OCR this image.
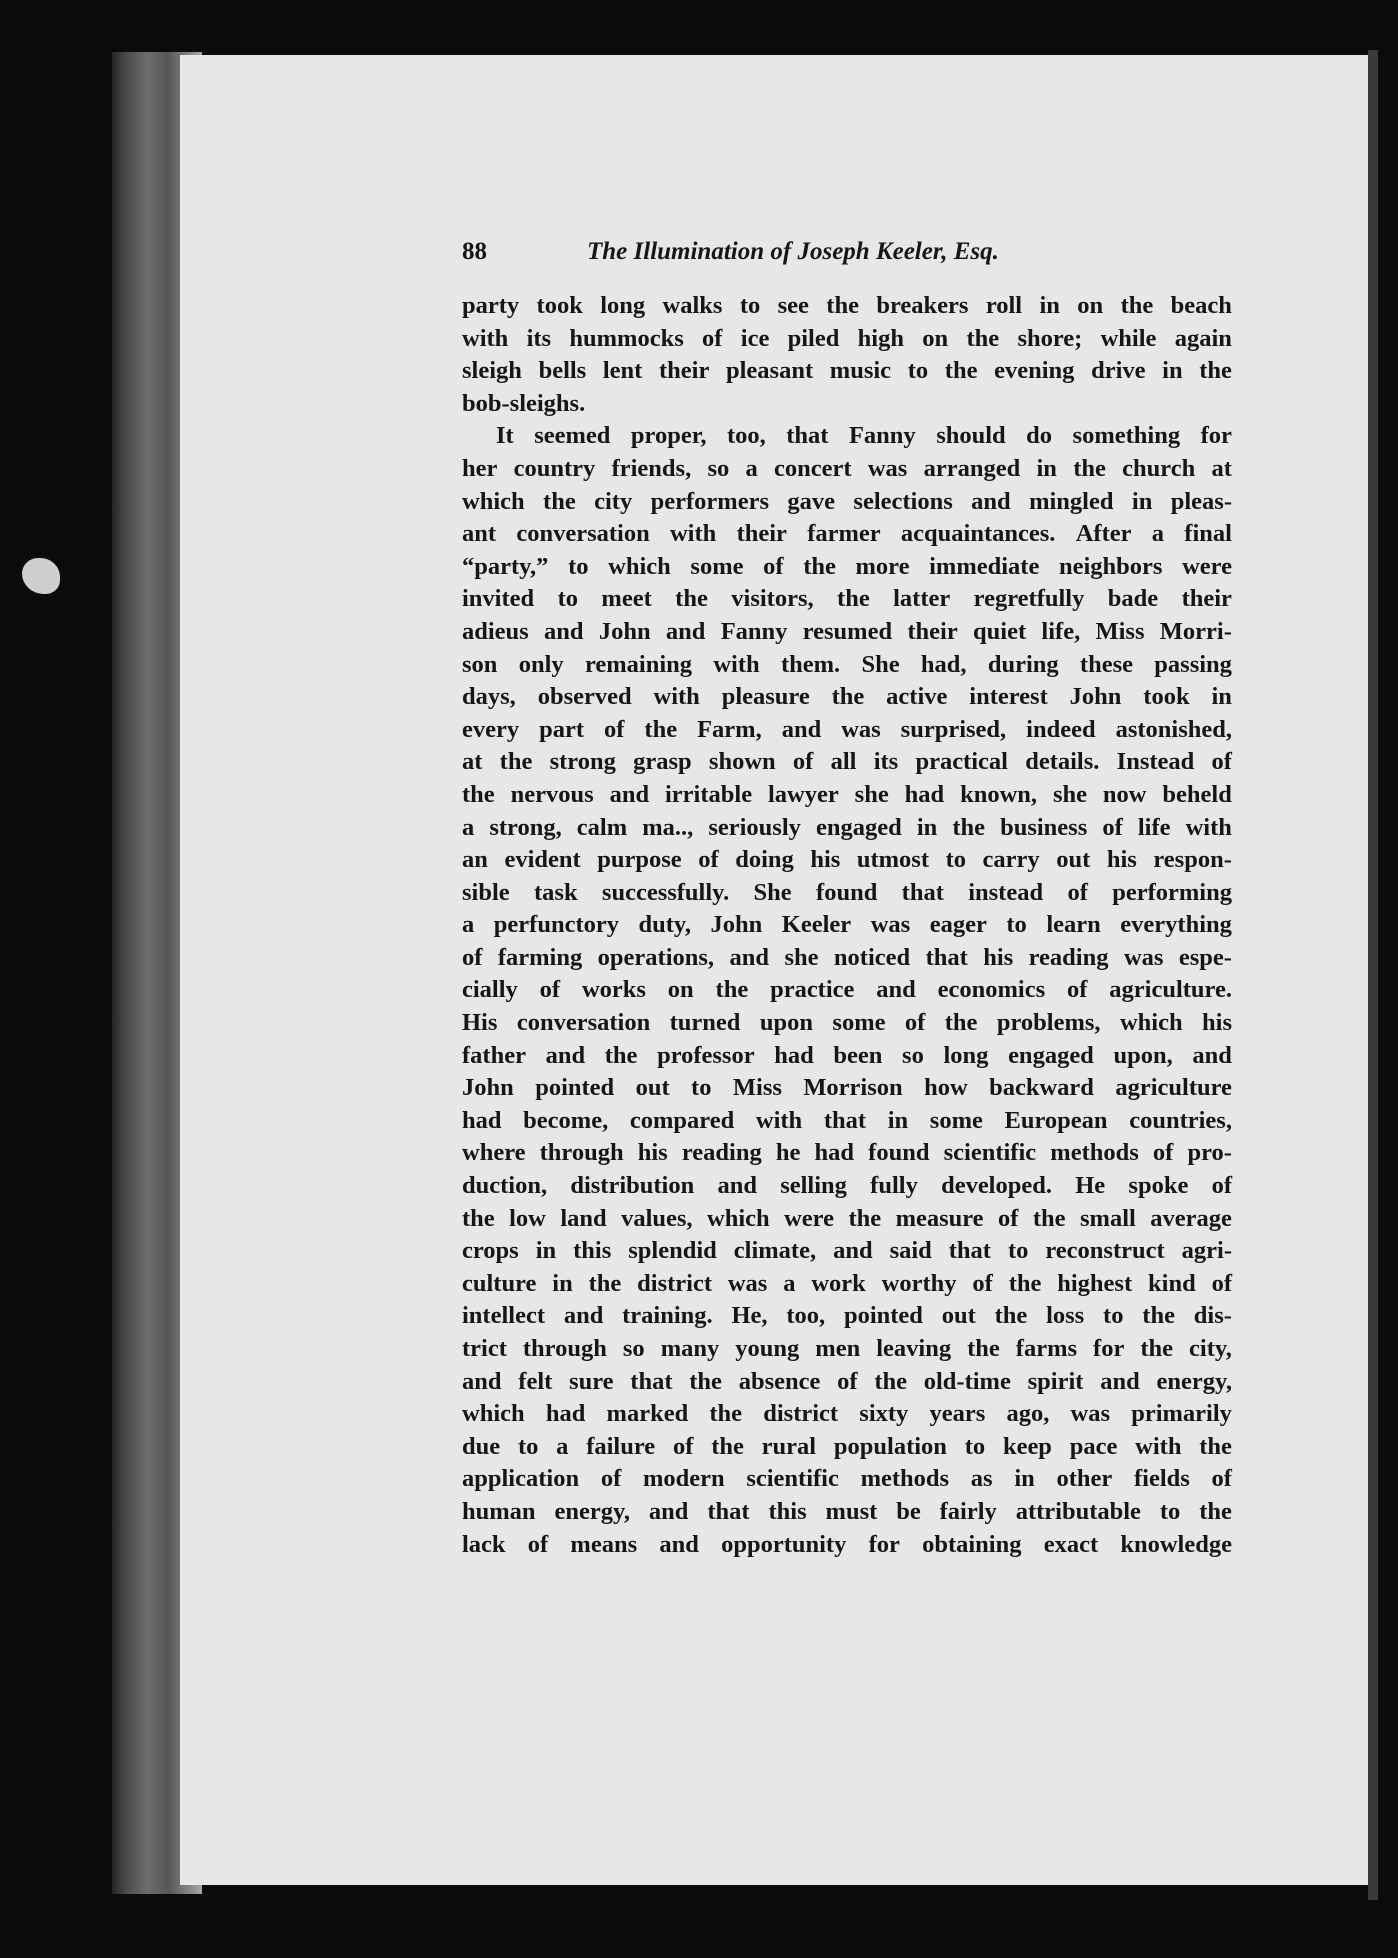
88	The Illumination of Joseph Keeler, Esq.
party took long walks to see the breakers roll in on the beach
with its hummocks of ice piled high on the shore; while again
sleigh bells lent their pleasant music to the evening drive in the
bob-sleighs.
It seemed proper, too, that Fanny should do something for
her country friends, so a concert was arranged in the church at
which the city performers gave selections and mingled in pleas-
ant conversation with their farmer acquaintances. After a final
“party,” to which some of the more immediate neighbors were
invited to meet the visitors, the latter regretfully bade their
adieus and John and Fanny resumed their quiet life, Miss Morri-
son only remaining with them. She had, during these passing
days, observed with pleasure the active interest John took in
every part of the Farm, and was surprised, indeed astonished,
at the strong grasp shown of all its practical details. Instead of
the nervous and irritable lawyer she had known, she now beheld
a strong, calm ma.., seriously engaged in the business of life with
an evident purpose of doing his utmost to carry out his respon-
sible task successfully. She found that instead of performing
a perfunctory duty, John Keeler was eager to learn everything
of farming operations, and she noticed that his reading was espe-
cially of works on the practice and economics of agriculture.
His conversation turned upon some of the problems, which his
father and the professor had been so long engaged upon, and
John pointed out to Miss Morrison how backward agriculture
had become, compared with that in some European countries,
where through his reading he had found scientific methods of pro-
duction, distribution and selling fully developed. He spoke of
the low land values, which were the measure of the small average
crops in this splendid climate, and said that to reconstruct agri-
culture in the district was a work worthy of the highest kind of
intellect and training. He, too, pointed out the loss to the dis-
trict through so many young men leaving the farms for the city,
and felt sure that the absence of the old-time spirit and energy,
which had marked the district sixty years ago, was primarily
due to a failure of the rural population to keep pace with the
application of modern scientific methods as in other fields of
human energy, and that this must be fairly attributable to the
lack of means and opportunity for obtaining exact knowledge
